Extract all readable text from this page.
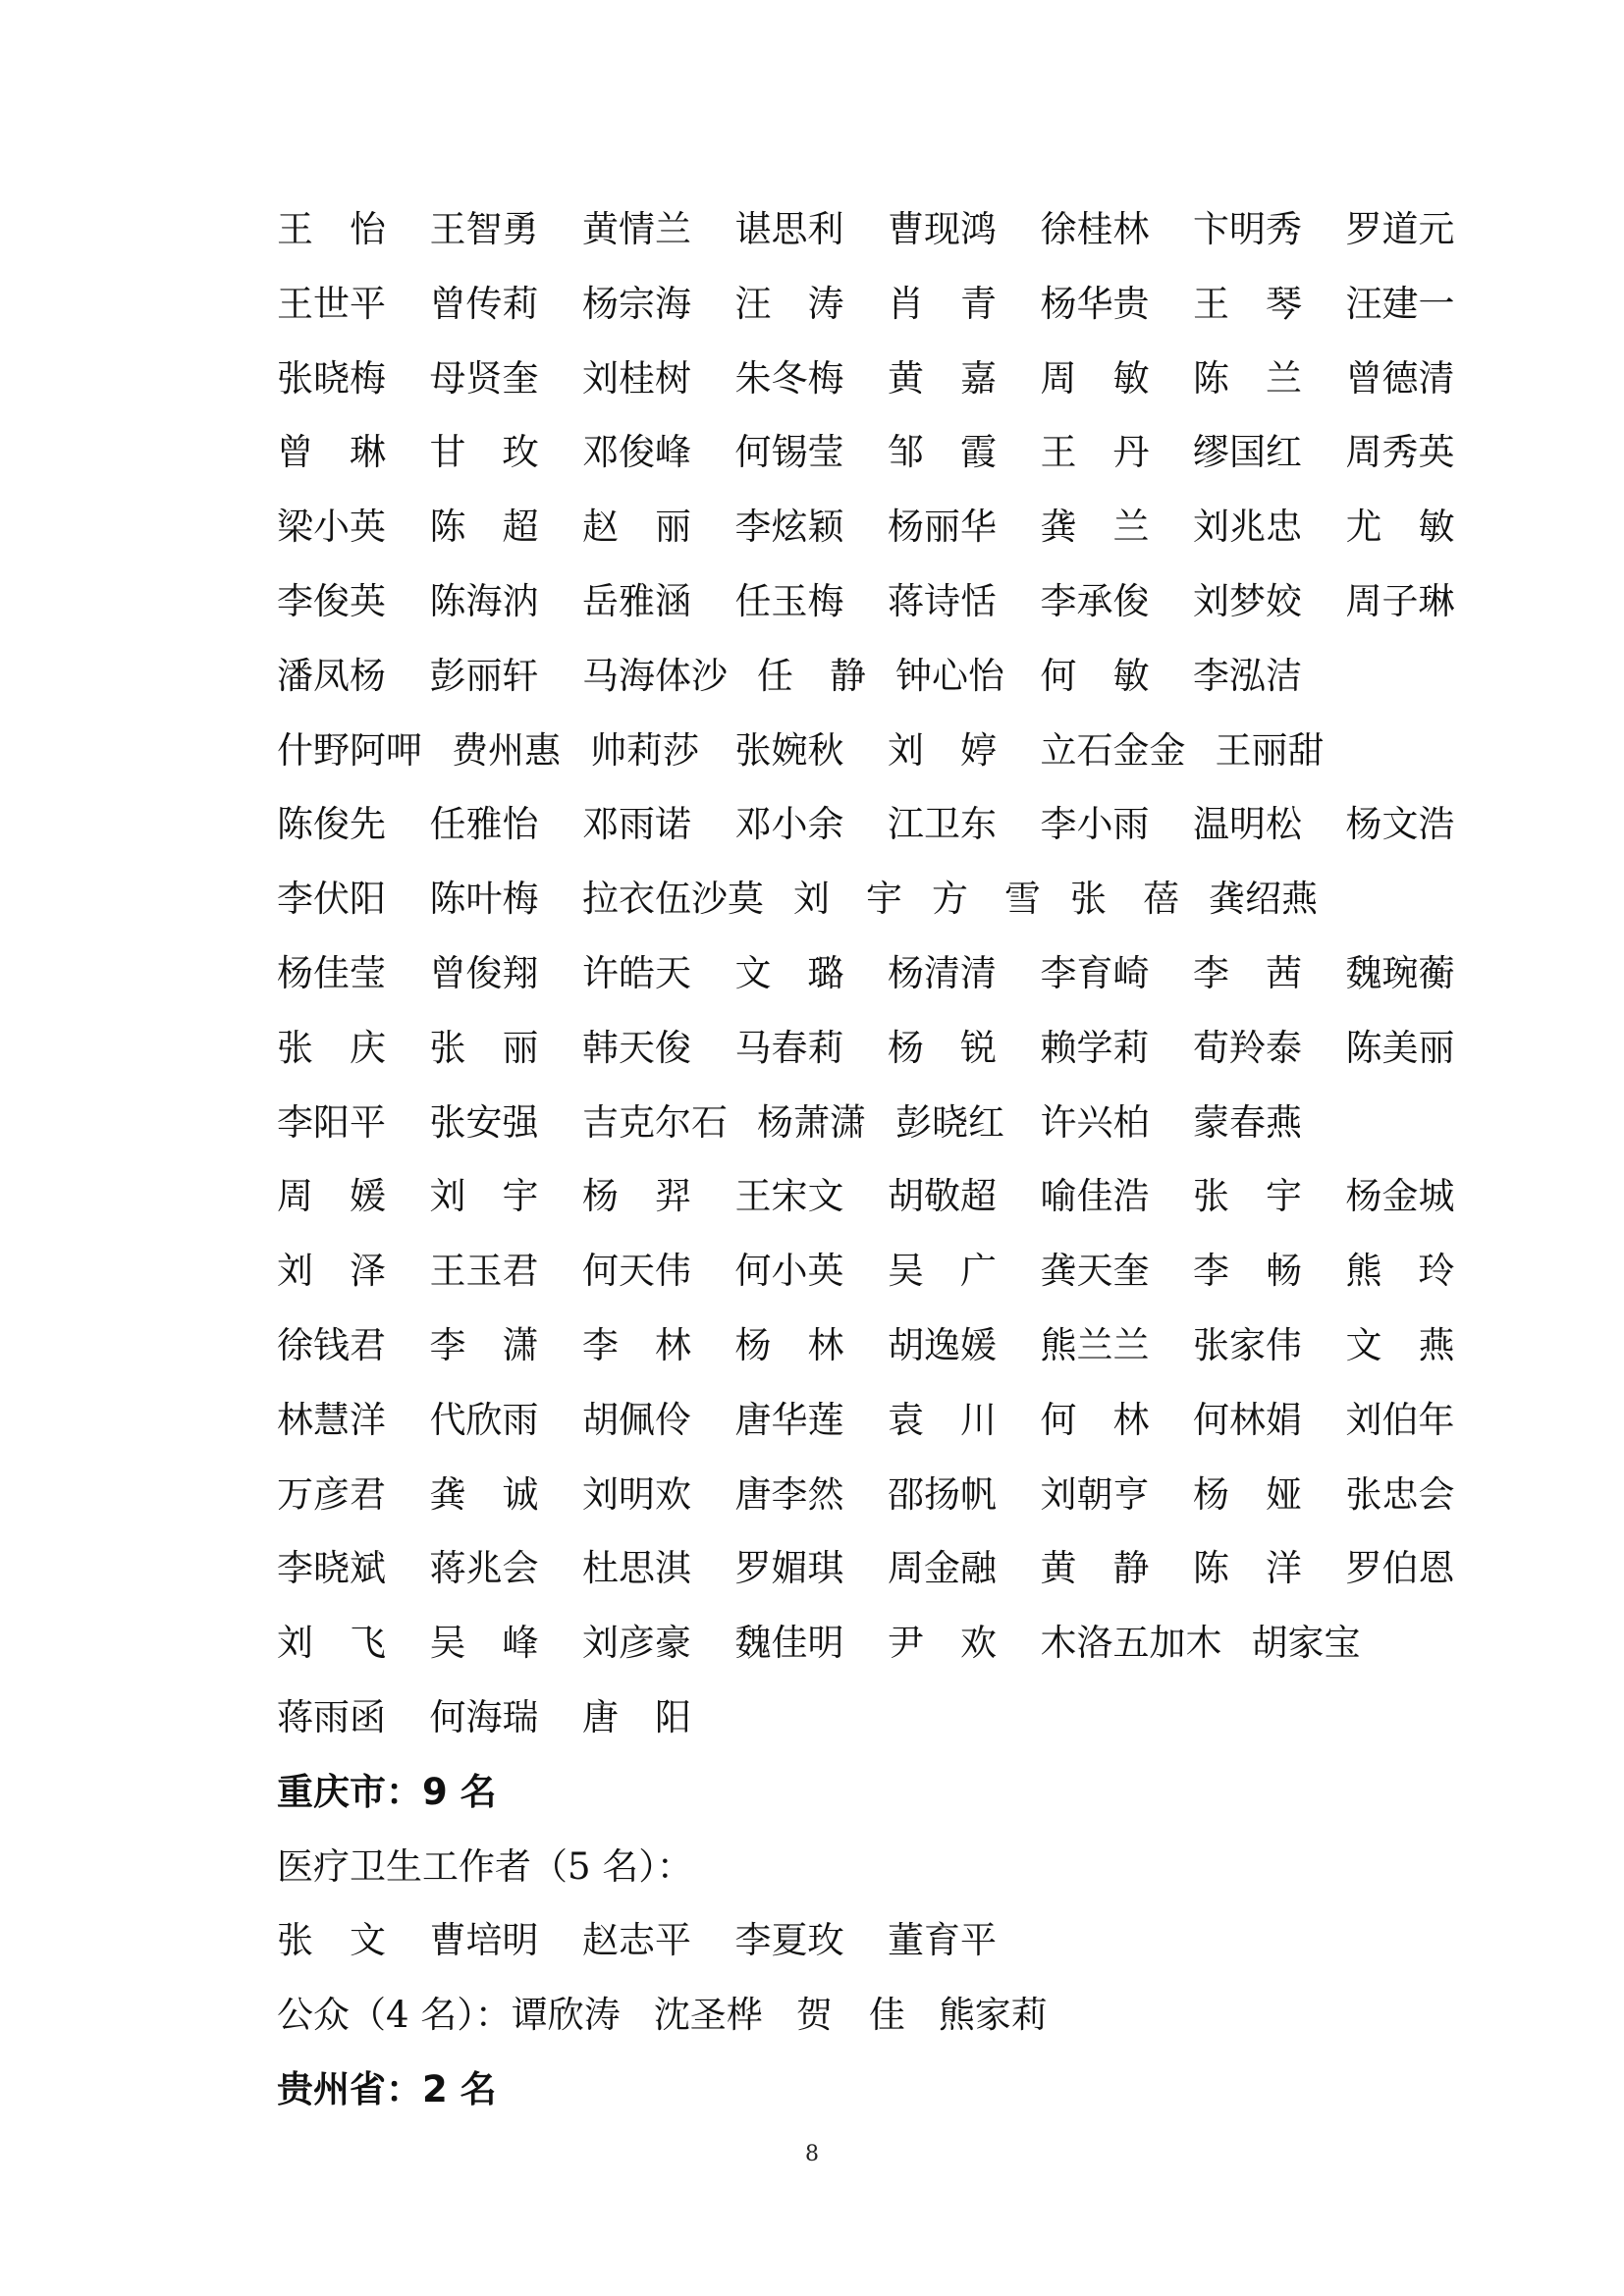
王 怡 王智勇 黄情兰 谌思利 曹现鸿 徐桂林 卞明秀 罗道元
王世平 曾传莉 杨宗海 汪 涛 肖 青 杨华贵 王 琴 汪建一
张晓梅 母贤奎 刘桂树 朱冬梅 黄 嘉 周 敏 陈 兰 曾德清
曾 琳 甘 玫 邓俊峰 何锡莹 邹 霞 王 丹 缪国红 周秀英
梁小英 陈 超 赵 丽 李炫颖 杨丽华 龚 兰 刘兆忠 尤 敏
李俊英 陈海汭 岳雅涵 任玉梅 蒋诗恬 李承俊 刘梦姣 周子琳
潘凤杨 彭丽轩 马海体沙 任 静 钟心怡 何 敏 李泓洁
什野阿呷 费州惠 帅莉莎 张婉秋 刘 婷 立石金金 王丽甜
陈俊先 任雅怡 邓雨诺 邓小余 江卫东 李小雨 温明松 杨文浩
李伏阳 陈叶梅 拉衣伍沙莫 刘 宇 方 雪 张 蓓 龚绍燕
杨佳莹 曾俊翔 许皓天 文 璐 杨清清 李育崎 李 茜 魏琬蘅
张 庆 张 丽 韩天俊 马春莉 杨 锐 赖学莉 荀羚泰 陈美丽
李阳平 张安强 吉克尔石 杨萧潇 彭晓红 许兴柏 蒙春燕
周 媛 刘 宇 杨 羿 王宋文 胡敬超 喻佳浩 张 宇 杨金城
刘 泽 王玉君 何天伟 何小英 吴 广 龚天奎 李 畅 熊 玲
徐钱君 李 潇 李 林 杨 林 胡逸媛 熊兰兰 张家伟 文 燕
林慧洋 代欣雨 胡佩伶 唐华莲 袁 川 何 林 何林娟 刘伯年
万彦君 龚 诚 刘明欢 唐李然 邵扬帆 刘朝亨 杨 娅 张忠会
李晓斌 蒋兆会 杜思淇 罗媚琪 周金融 黄 静 陈 洋 罗伯恩
刘 飞 吴 峰 刘彦豪 魏佳明 尹 欢 木洛五加木 胡家宝
蒋雨函 何海瑞 唐 阳
重庆市：9 名
医疗卫生工作者（5 名）：
张 文 曹培明 赵志平 李夏玫 董育平
公众（4 名）：谭欣涛 沈圣桦 贺 佳 熊家莉
贵州省：2 名
8
